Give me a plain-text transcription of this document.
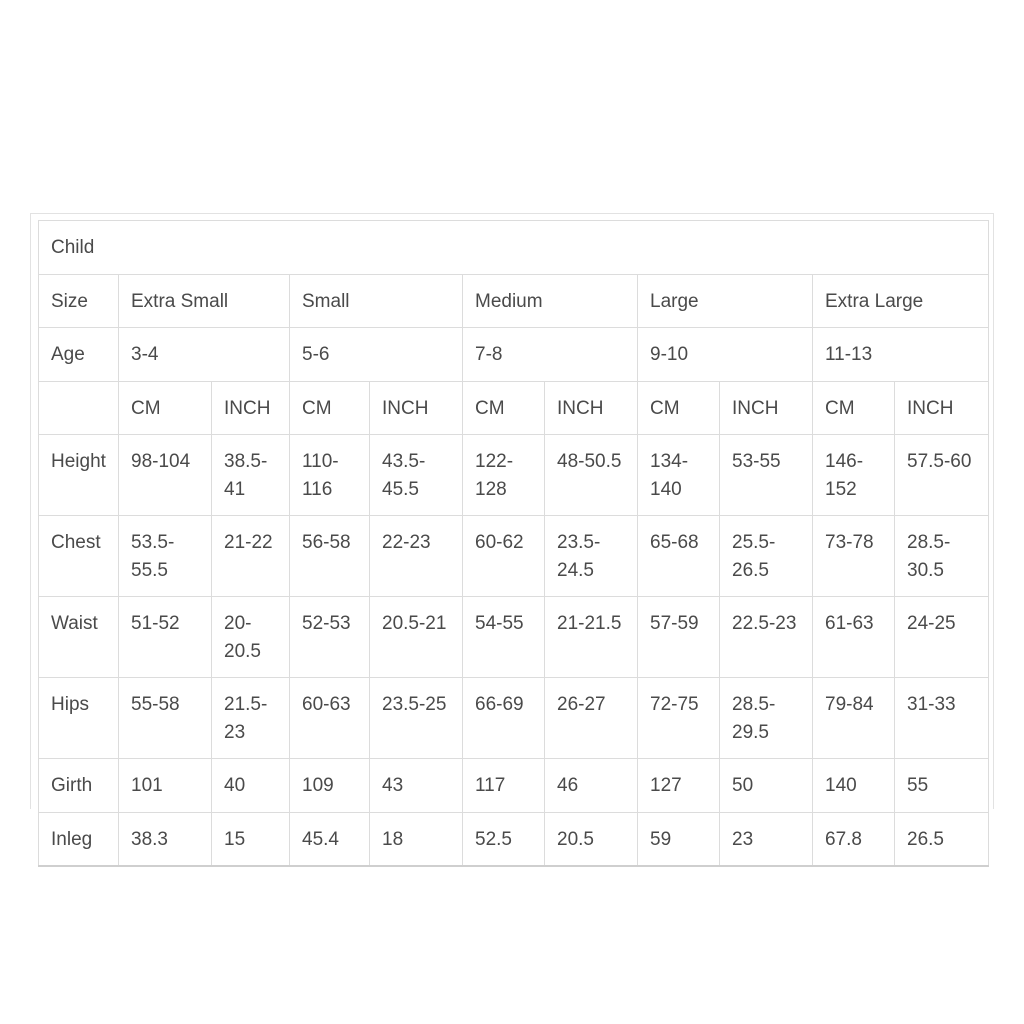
Child										
Size	Extra Small		Small		Medium		Large		Extra Large	
Age	3-4		5-6		7-8		9-10		11-13	
	CM	INCH	CM	INCH	CM	INCH	CM	INCH	CM	INCH
Height	98-104	38.5-41	110-116	43.5-45.5	122-128	48-50.5	134-140	53-55	146-152	57.5-60
Chest	53.5-55.5	21-22	56-58	22-23	60-62	23.5-24.5	65-68	25.5-26.5	73-78	28.5-30.5
Waist	51-52	20-20.5	52-53	20.5-21	54-55	21-21.5	57-59	22.5-23	61-63	24-25
Hips	55-58	21.5-23	60-63	23.5-25	66-69	26-27	72-75	28.5-29.5	79-84	31-33
Girth	101	40	109	43	117	46	127	50	140	55
Inleg	38.3	15	45.4	18	52.5	20.5	59	23	67.8	26.5
